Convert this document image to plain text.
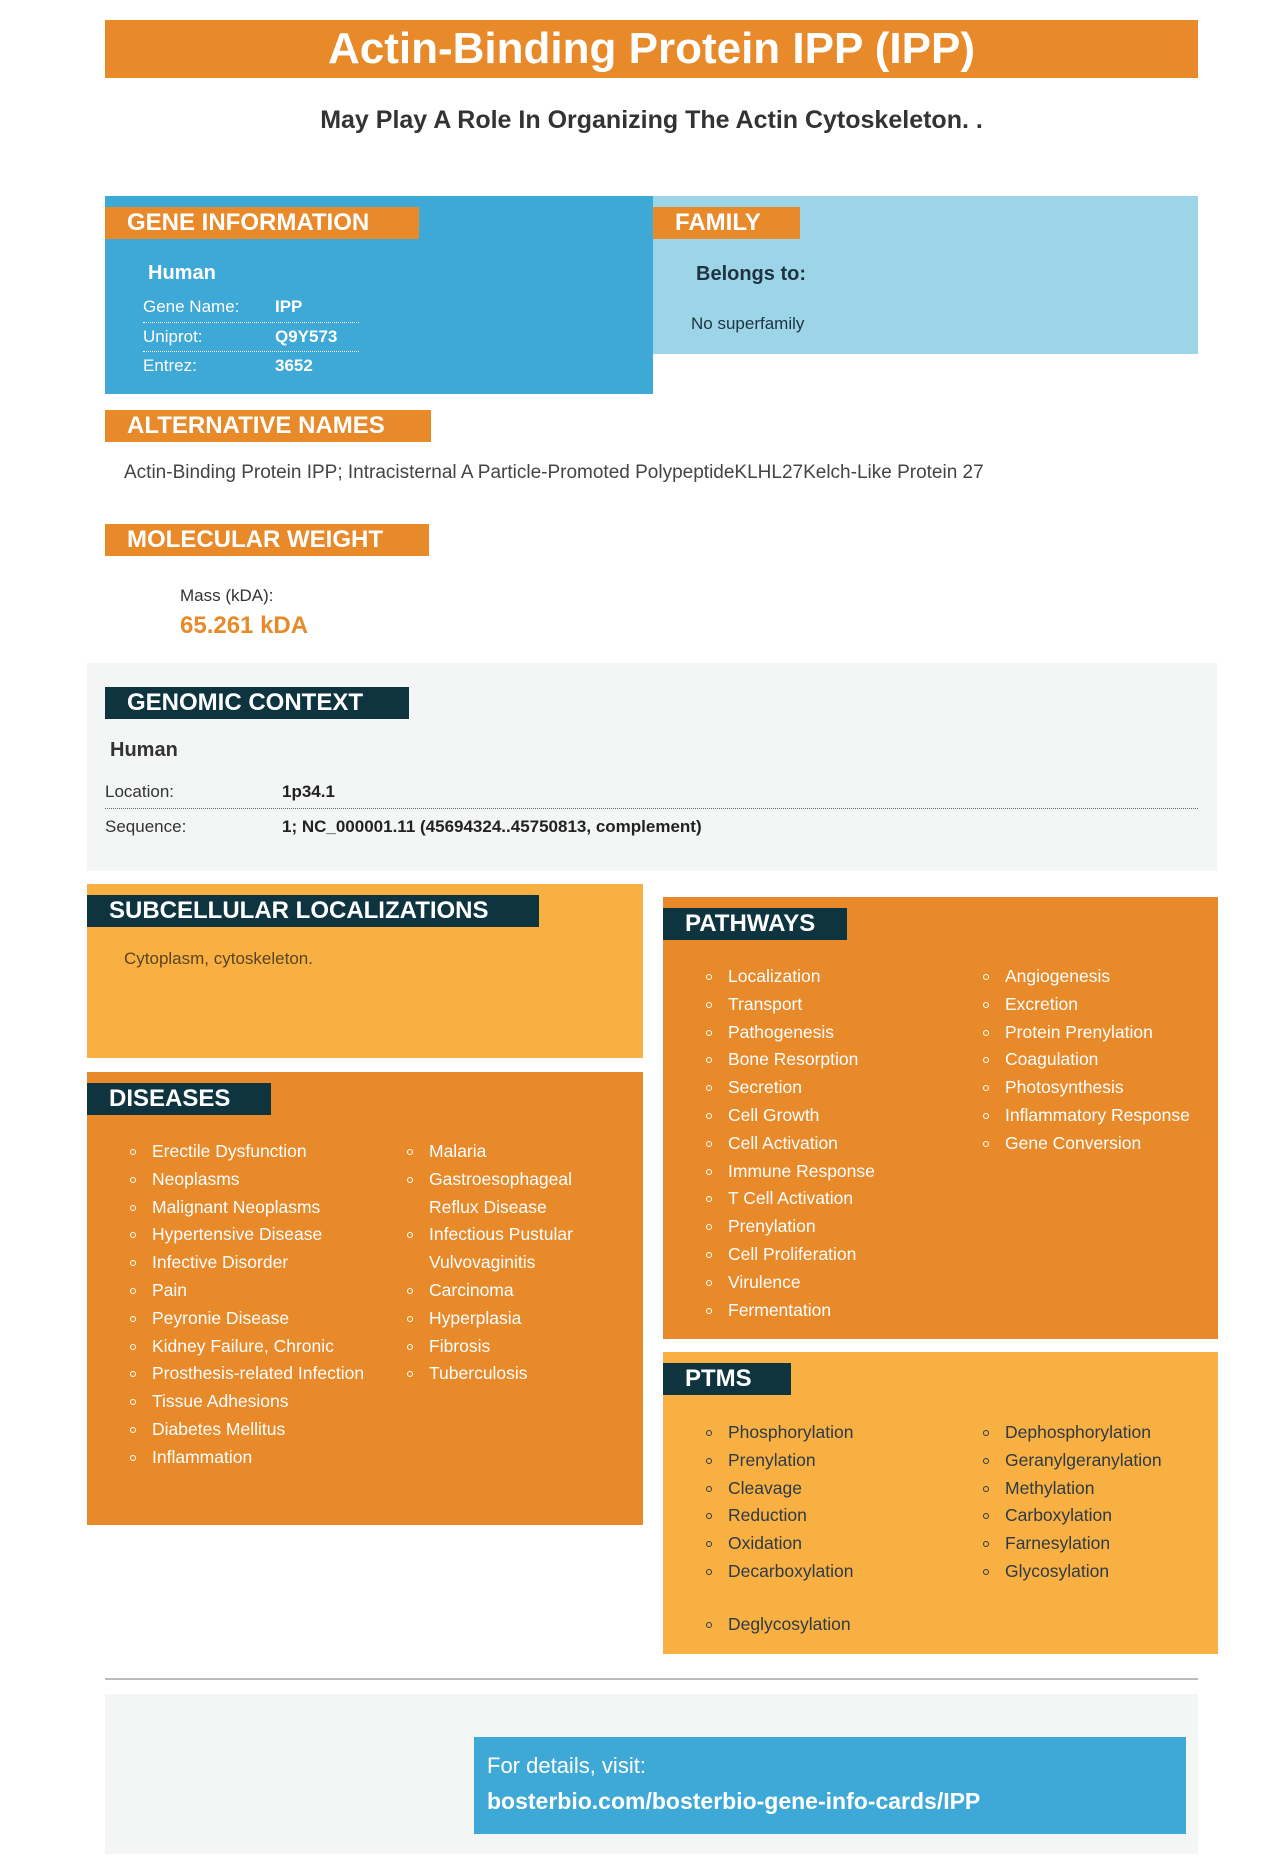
Actin-Binding Protein IPP (IPP)
May Play A Role In Organizing The Actin Cytoskeleton. .
GENE INFORMATION
Human
Gene Name: IPP
Uniprot:	Q9Y573
Entrez:	3652
FAMILY
Belongs to:
No superfamily
ALTERNATIVE NAMES
Actin-Binding Protein IPP; Intracisternal A Particle-Promoted PolypeptideKLHL27Kelch-Like Protein 27
MOLECULAR WEIGHT
Mass (kDA):
65.261 kDA
GENOMIC CONTEXT
Human
Location:	1p34.1
Sequence:	1; NC_000001.11 (45694324..45750813, complement)
SUBCELLULAR LOCALIZATIONS
Cytoplasm, cytoskeleton.
DISEASES
Erectile Dysfunction
Neoplasms
Malignant Neoplasms
Hypertensive Disease
Infective Disorder
Pain
Peyronie Disease
Kidney Failure, Chronic
Prosthesis-related Infection
Tissue Adhesions
Diabetes Mellitus
Inflammation
Malaria
Gastroesophageal Reflux Disease
Infectious Pustular Vulvovaginitis
Carcinoma
Hyperplasia
Fibrosis
Tuberculosis
PATHWAYS
Localization
Transport
Pathogenesis
Bone Resorption
Secretion
Cell Growth
Cell Activation
Immune Response
T Cell Activation
Prenylation
Cell Proliferation
Virulence
Fermentation
Angiogenesis
Excretion
Protein Prenylation
Coagulation
Photosynthesis
Inflammatory Response
Gene Conversion
PTMS
Phosphorylation
Prenylation
Cleavage
Reduction
Oxidation
Decarboxylation
Dephosphorylation
Geranylgeranylation
Methylation
Carboxylation
Farnesylation
Glycosylation
Deglycosylation
For details, visit:
bosterbio.com/bosterbio-gene-info-cards/IPP
